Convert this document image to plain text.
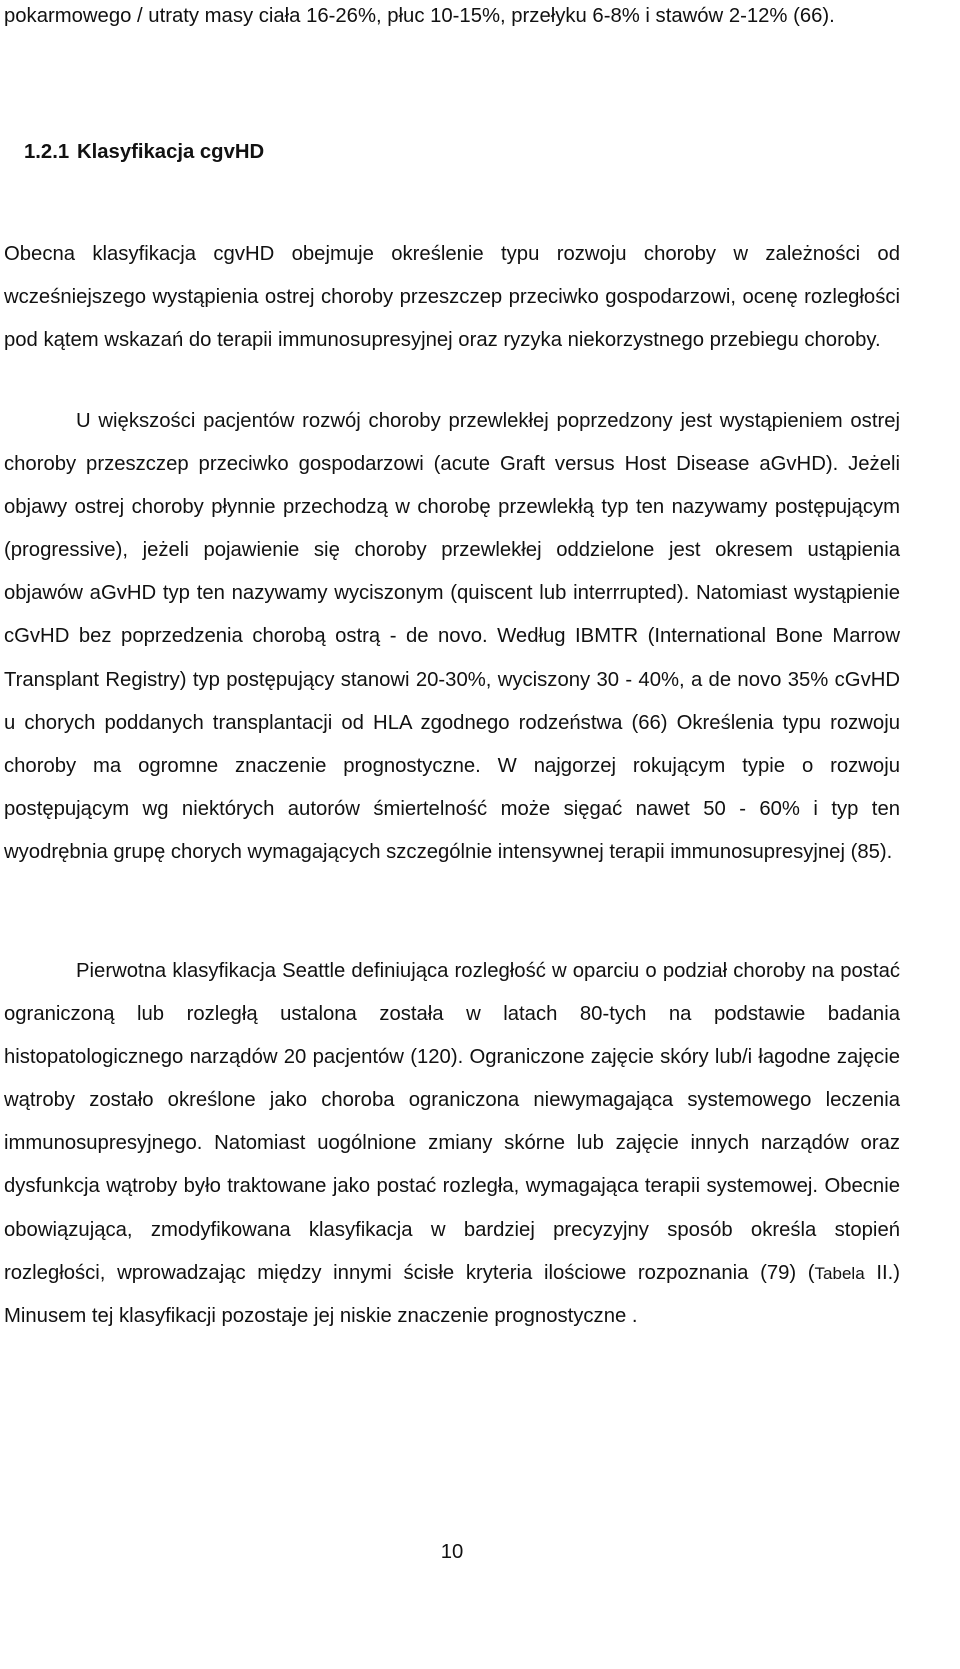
pokarmowego / utraty masy ciała 16-26%, płuc 10-15%, przełyku 6-8% i stawów 2-12% (66).

1.2.1 Klasyfikacja cgvHD

Obecna klasyfikacja cgvHD obejmuje określenie typu rozwoju choroby w zależności od wcześniejszego wystąpienia ostrej choroby przeszczep przeciwko gospodarzowi, ocenę rozległości pod kątem wskazań do terapii immunosupresyjnej oraz ryzyka niekorzystnego przebiegu choroby.

U większości pacjentów rozwój choroby przewlekłej poprzedzony jest wystąpieniem ostrej choroby przeszczep przeciwko gospodarzowi (acute Graft versus Host Disease aGvHD). Jeżeli objawy ostrej choroby płynnie przechodzą w chorobę przewlekłą typ ten nazywamy postępującym (progressive), jeżeli pojawienie się choroby przewlekłej oddzielone jest okresem ustąpienia objawów aGvHD typ ten nazywamy wyciszonym (quiscent lub interrrupted). Natomiast wystąpienie cGvHD bez poprzedzenia chorobą ostrą - de novo. Według IBMTR (International Bone Marrow Transplant Registry) typ postępujący stanowi 20-30%, wyciszony 30 - 40%, a de novo 35% cGvHD u chorych poddanych transplantacji od HLA zgodnego rodzeństwa (66) Określenia typu rozwoju choroby ma ogromne znaczenie prognostyczne. W najgorzej rokującym typie o rozwoju postępującym wg niektórych autorów śmiertelność może sięgać nawet 50 - 60% i typ ten wyodrębnia grupę chorych wymagających szczególnie intensywnej terapii immunosupresyjnej (85).

Pierwotna klasyfikacja Seattle definiująca rozległość w oparciu o podział choroby na postać ograniczoną lub rozległą ustalona została w latach 80-tych na podstawie badania histopatologicznego narządów 20 pacjentów (120). Ograniczone zajęcie skóry lub/i łagodne zajęcie wątroby zostało określone jako choroba ograniczona niewymagająca systemowego leczenia immunosupresyjnego. Natomiast uogólnione zmiany skórne lub zajęcie innych narządów oraz dysfunkcja wątroby było traktowane jako postać rozległa, wymagająca terapii systemowej. Obecnie obowiązująca, zmodyfikowana klasyfikacja w bardziej precyzyjny sposób określa stopień rozległości, wprowadzając między innymi ścisłe kryteria ilościowe rozpoznania (79) (Tabela II.) Minusem tej klasyfikacji pozostaje jej niskie znaczenie prognostyczne .

10
